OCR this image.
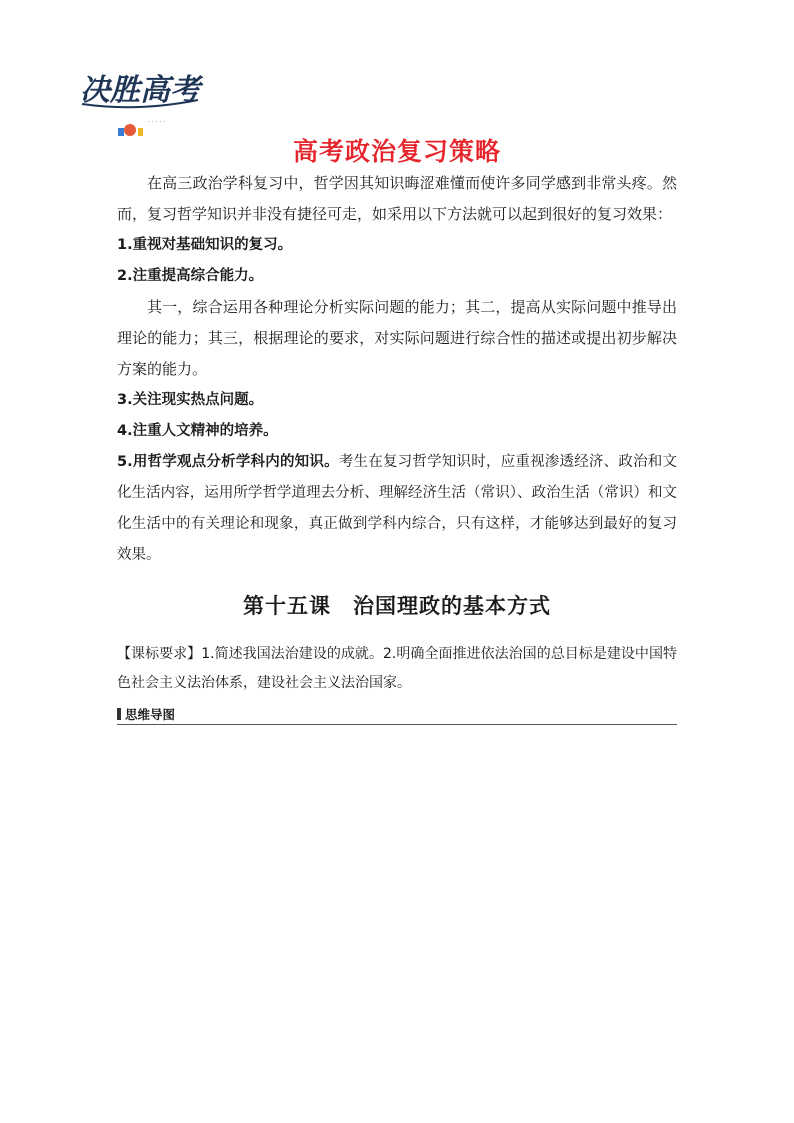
决胜高考
· · · · ·
高考政治复习策略

在高三政治学科复习中，哲学因其知识晦涩难懂而使许多同学感到非常头疼。然而，复习哲学知识并非没有捷径可走，如采用以下方法就可以起到很好的复习效果：

1.重视对基础知识的复习。

2.注重提高综合能力。

其一，综合运用各种理论分析实际问题的能力；其二，提高从实际问题中推导出理论的能力；其三，根据理论的要求，对实际问题进行综合性的描述或提出初步解决方案的能力。

3.关注现实热点问题。

4.注重人文精神的培养。

5.用哲学观点分析学科内的知识。考生在复习哲学知识时，应重视渗透经济、政治和文化生活内容，运用所学哲学道理去分析、理解经济生活（常识）、政治生活（常识）和文化生活中的有关理论和现象，真正做到学科内综合，只有这样，才能够达到最好的复习效果。

第十五课 治国理政的基本方式

【课标要求】1.简述我国法治建设的成就。2.明确全面推进依法治国的总目标是建设中国特色社会主义法治体系，建设社会主义法治国家。

思维导图
